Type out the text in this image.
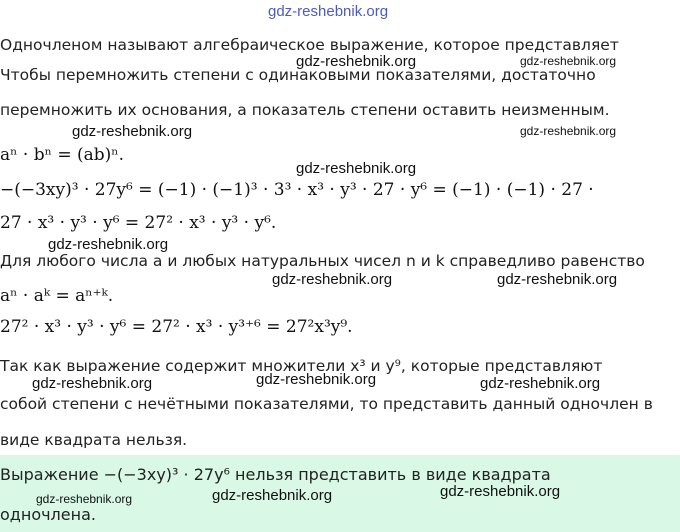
gdz-reshebnik.org
Одночленом называют алгебраическое выражение, которое представляет
gdz-reshebnik.org	gdz-reshebnik.org
Чтобы перемножить степени с одинаковыми показателями, достаточно
перемножить их основания, а показатель степени оставить неизменным.
gdz-reshebnik.org	gdz-reshebnik.org
aⁿ · bⁿ = (ab)ⁿ.
gdz-reshebnik.org
−(−3xy)³ · 27y⁶ = (−1) · (−1)³ · 3³ · x³ · y³ · 27 · y⁶ = (−1) · (−1) · 27 ·
27 · x³ · y³ · y⁶ = 27² · x³ · y³ · y⁶.
gdz-reshebnik.org
Для любого числа a и любых натуральных чисел n и k справедливо равенство
gdz-reshebnik.org	gdz-reshebnik.org
aⁿ · aᵏ = aⁿ⁺ᵏ.
27² · x³ · y³ · y⁶ = 27² · x³ · y³⁺⁶ = 27²x³y⁹.
Так как выражение содержит множители x³ и y⁹, которые представляют
gdz-reshebnik.org	gdz-reshebnik.org	gdz-reshebnik.org
собой степени с нечётными показателями, то представить данный одночлен в
виде квадрата нельзя.
Выражение −(−3xy)³ · 27y⁶ нельзя представить в виде квадрата
gdz-reshebnik.org
gdz-reshebnik.org
gdz-reshebnik.org
одночлена.
